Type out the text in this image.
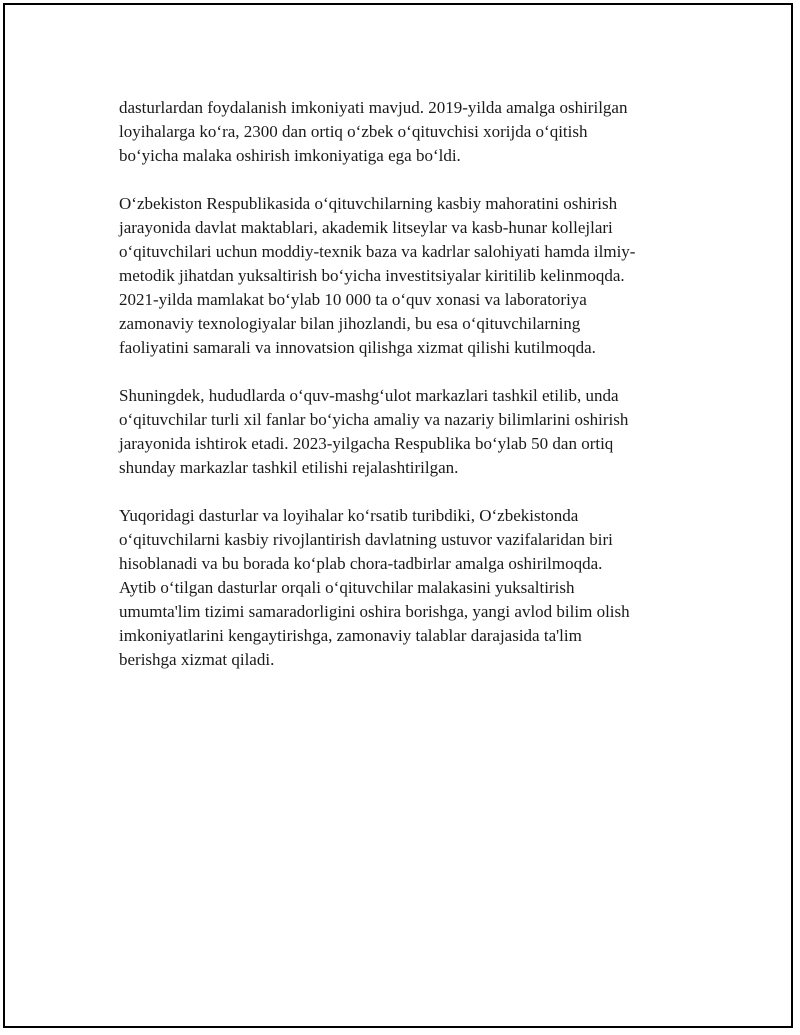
dasturlardan foydalanish imkoniyati mavjud. 2019-yilda amalga oshirilgan
loyihalarga ko‘ra, 2300 dan ortiq o‘zbek o‘qituvchisi xorijda o‘qitish
bo‘yicha malaka oshirish imkoniyatiga ega bo‘ldi.

O‘zbekiston Respublikasida o‘qituvchilarning kasbiy mahoratini oshirish
jarayonida davlat maktablari, akademik litseylar va kasb-hunar kollejlari
o‘qituvchilari uchun moddiy-texnik baza va kadrlar salohiyati hamda ilmiy-
metodik jihatdan yuksaltirish bo‘yicha investitsiyalar kiritilib kelinmoqda.
2021-yilda mamlakat bo‘ylab 10 000 ta o‘quv xonasi va laboratoriya
zamonaviy texnologiyalar bilan jihozlandi, bu esa o‘qituvchilarning
faoliyatini samarali va innovatsion qilishga xizmat qilishi kutilmoqda.

Shuningdek, hududlarda o‘quv-mashg‘ulot markazlari tashkil etilib, unda
o‘qituvchilar turli xil fanlar bo‘yicha amaliy va nazariy bilimlarini oshirish
jarayonida ishtirok etadi. 2023-yilgacha Respublika bo‘ylab 50 dan ortiq
shunday markazlar tashkil etilishi rejalashtirilgan.

Yuqoridagi dasturlar va loyihalar ko‘rsatib turibdiki, O‘zbekistonda
o‘qituvchilarni kasbiy rivojlantirish davlatning ustuvor vazifalaridan biri
hisoblanadi va bu borada ko‘plab chora-tadbirlar amalga oshirilmoqda.
Aytib o‘tilgan dasturlar orqali o‘qituvchilar malakasini yuksaltirish
umumta'lim tizimi samaradorligini oshira borishga, yangi avlod bilim olish
imkoniyatlarini kengaytirishga, zamonaviy talablar darajasida ta'lim
berishga xizmat qiladi.
